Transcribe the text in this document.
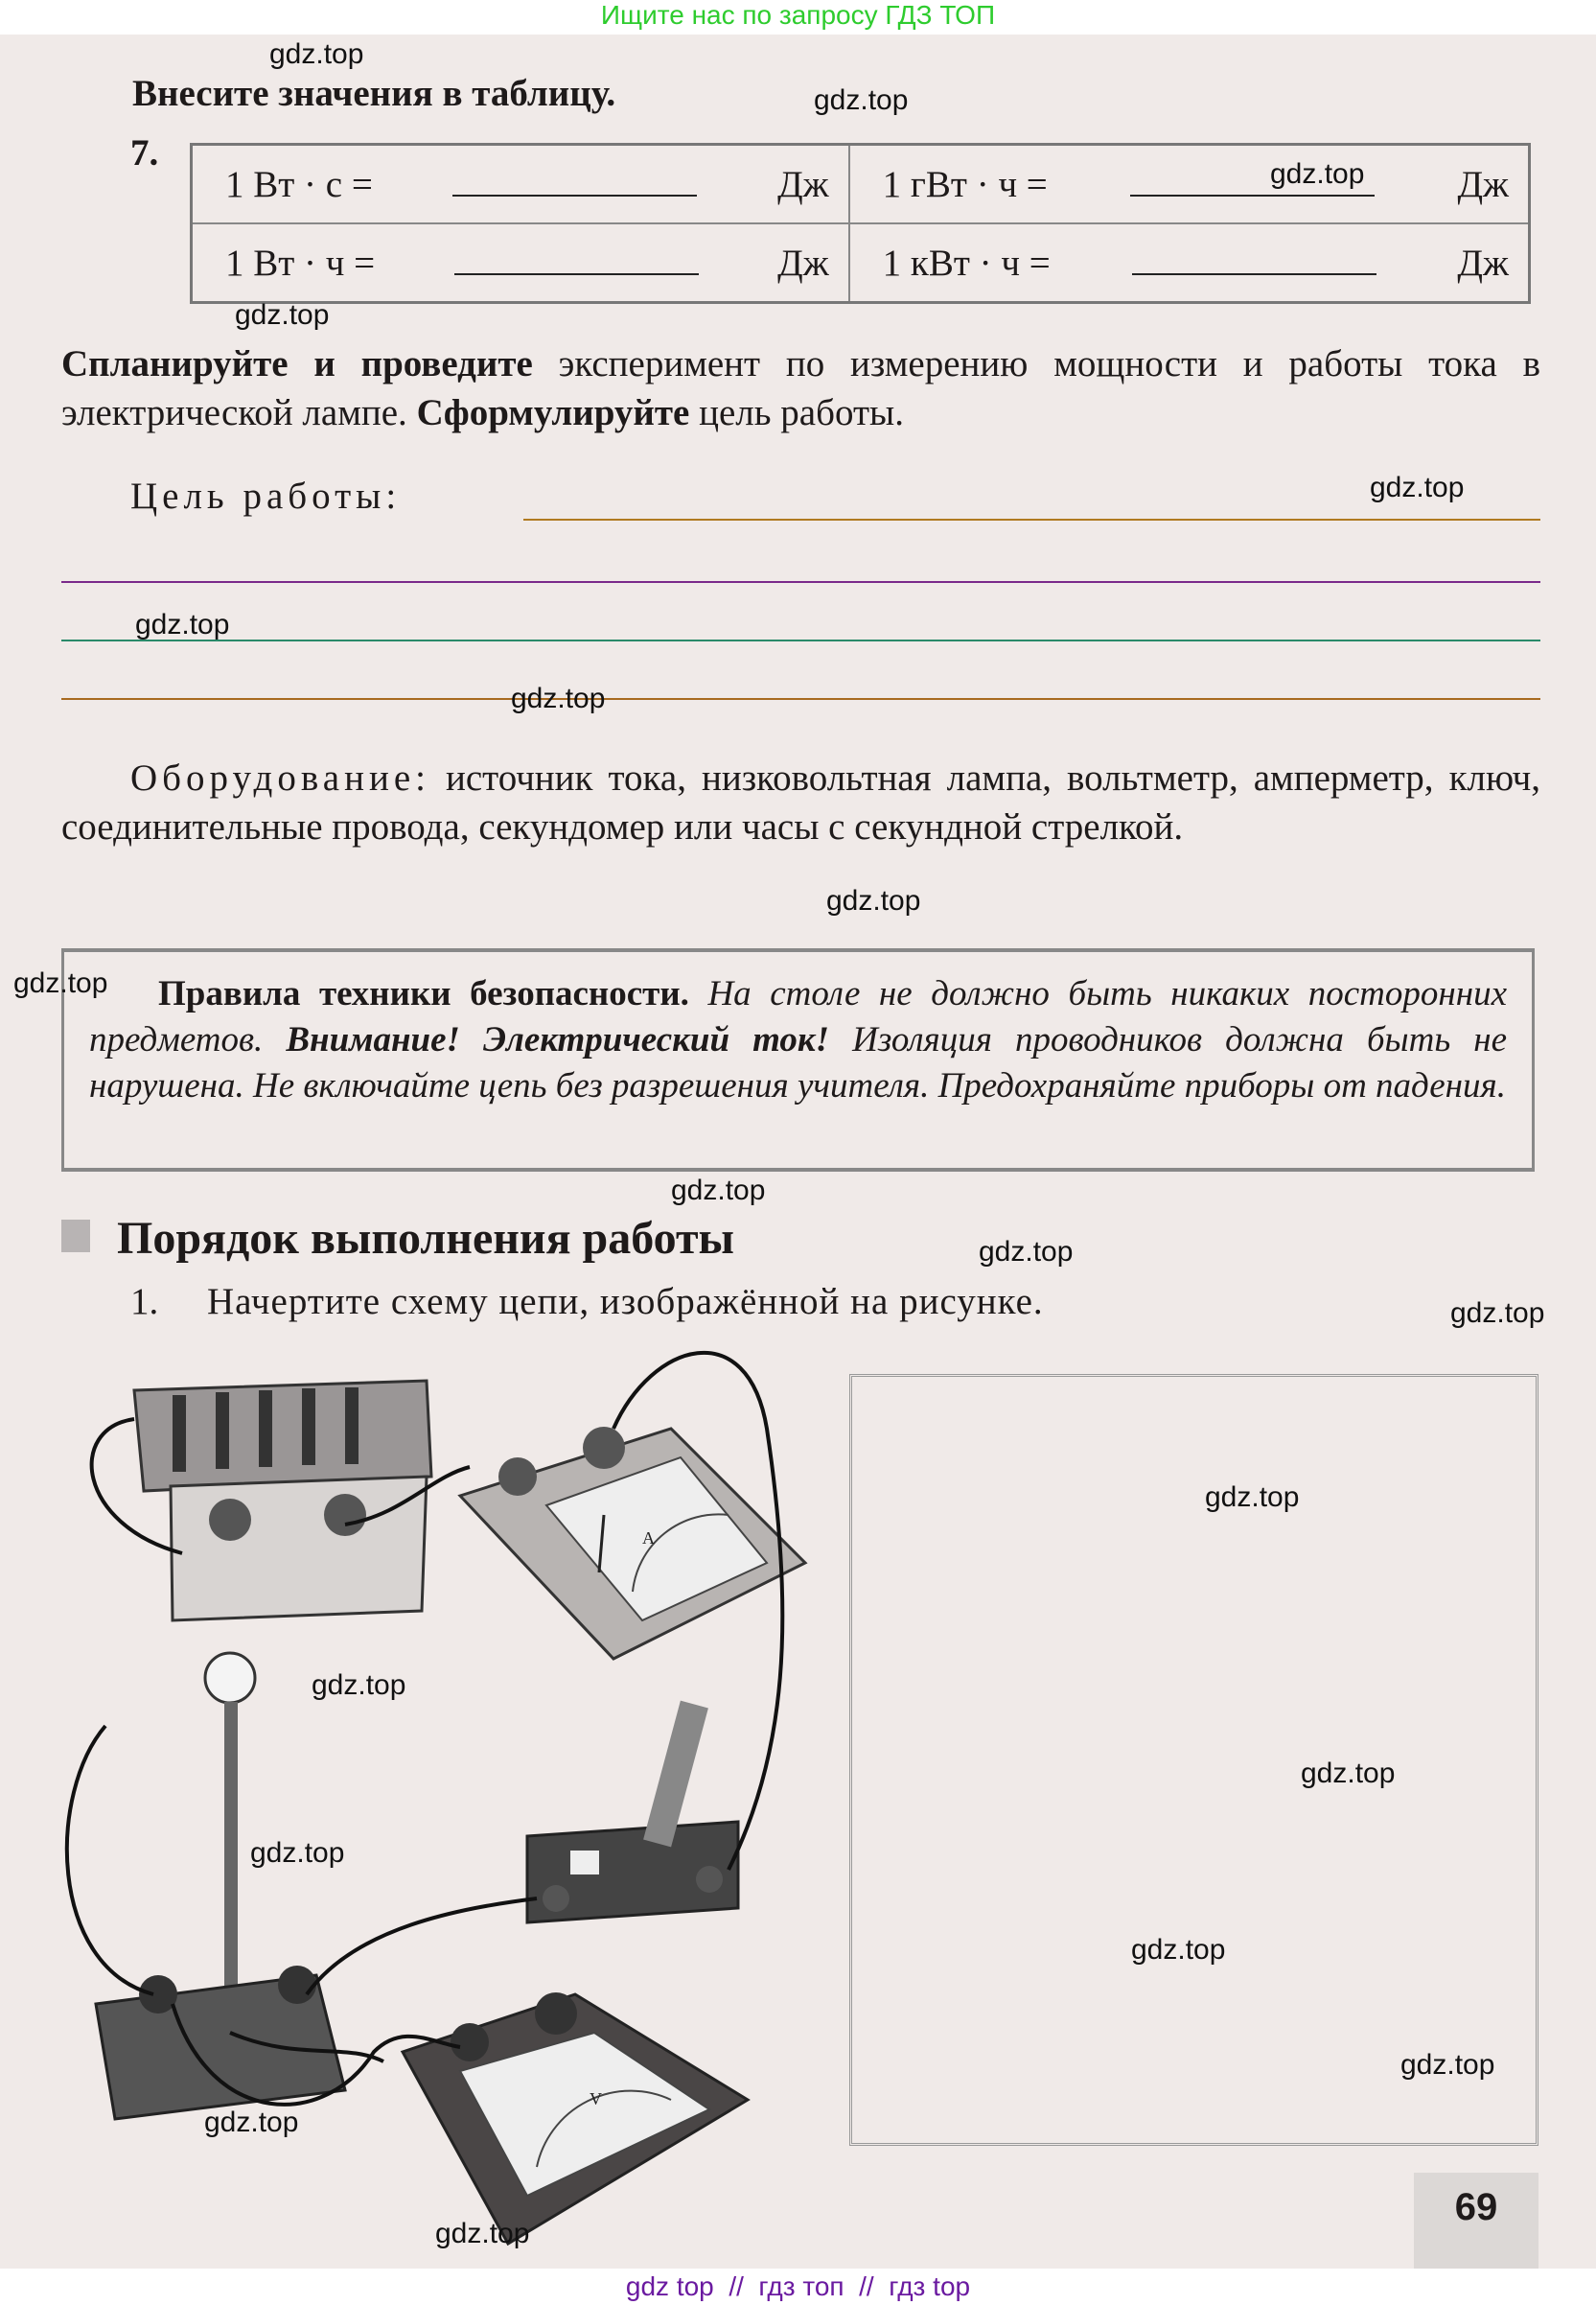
Ищите нас по запросу ГДЗ ТОП
Внесите значения в таблицу.
7.
1 Вт · с = Дж	1 гВт · ч = Дж

1 Вт · ч = Дж	1 кВт · ч = Дж
Спланируйте и проведите эксперимент по измерению мощности и работы тока в электрической лампе. Сформулируйте цель работы.
Цель работы:
Оборудование: источник тока, низковольтная лампа, вольтметр, амперметр, ключ, соединительные провода, секундомер или часы с секундной стрелкой.
Правила техники безопасности. На столе не должно быть никаких посторонних предметов. Внимание! Электрический ток! Изоляция проводников должна быть не нарушена. Не включайте цепь без разрешения учителя. Предохраняйте приборы от падения.
Порядок выполнения работы
1. Начертите схему цепи, изображённой на рисунке.
A
V
69
gdz.top
gdz.top
gdz.top
gdz.top
gdz.top
gdz.top
gdz.top
gdz.top
gdz.top
gdz.top
gdz.top
gdz.top
gdz.top
gdz.top
gdz.top
gdz.top
gdz.top
gdz.top
gdz.top
gdz.top
gdz top  //  гдз топ  //  гдз top
